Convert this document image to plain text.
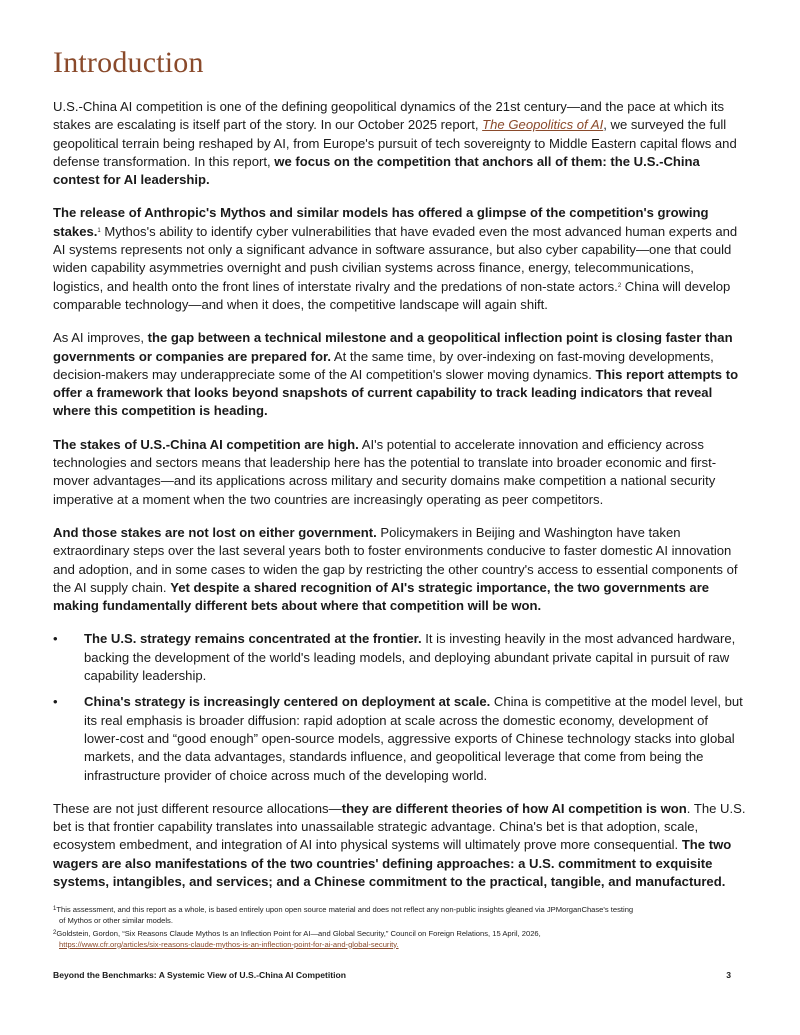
Introduction

U.S.-China AI competition is one of the defining geopolitical dynamics of the 21st century—and the pace at which its stakes are escalating is itself part of the story. In our October 2025 report, The Geopolitics of AI, we surveyed the full geopolitical terrain being reshaped by AI, from Europe's pursuit of tech sovereignty to Middle Eastern capital flows and defense transformation. In this report, we focus on the competition that anchors all of them: the U.S.-China contest for AI leadership.

The release of Anthropic's Mythos and similar models has offered a glimpse of the competition's growing stakes.$^1$ Mythos's ability to identify cyber vulnerabilities that have evaded even the most advanced human experts and AI systems represents not only a significant advance in software assurance, but also cyber capability—one that could widen capability asymmetries overnight and push civilian systems across finance, energy, telecommunications, logistics, and health onto the front lines of interstate rivalry and the predations of non-state actors.$^2$ China will develop comparable technology—and when it does, the competitive landscape will again shift.

As AI improves, the gap between a technical milestone and a geopolitical inflection point is closing faster than governments or companies are prepared for. At the same time, by over-indexing on fast-moving developments, decision-makers may underappreciate some of the AI competition's slower moving dynamics. This report attempts to offer a framework that looks beyond snapshots of current capability to track leading indicators that reveal where this competition is heading.

The stakes of U.S.-China AI competition are high. AI's potential to accelerate innovation and efficiency across technologies and sectors means that leadership here has the potential to translate into broader economic and first-mover advantages—and its applications across military and security domains make competition a national security imperative at a moment when the two countries are increasingly operating as peer competitors.

And those stakes are not lost on either government. Policymakers in Beijing and Washington have taken extraordinary steps over the last several years both to foster environments conducive to faster domestic AI innovation and adoption, and in some cases to widen the gap by restricting the other country's access to essential components of the AI supply chain. Yet despite a shared recognition of AI's strategic importance, the two governments are making fundamentally different bets about where that competition will be won.

• The U.S. strategy remains concentrated at the frontier. It is investing heavily in the most advanced hardware, backing the development of the world's leading models, and deploying abundant private capital in pursuit of raw capability leadership.
• China's strategy is increasingly centered on deployment at scale. China is competitive at the model level, but its real emphasis is broader diffusion: rapid adoption at scale across the domestic economy, development of lower-cost and “good enough” open-source models, aggressive exports of Chinese technology stacks into global markets, and the data advantages, standards influence, and geopolitical leverage that come from being the infrastructure provider of choice across much of the developing world.

These are not just different resource allocations—they are different theories of how AI competition is won. The U.S. bet is that frontier capability translates into unassailable strategic advantage. China's bet is that adoption, scale, ecosystem embedment, and integration of AI into physical systems will ultimately prove more consequential. The two wagers are also manifestations of the two countries' defining approaches: a U.S. commitment to exquisite systems, intangibles, and services; and a Chinese commitment to the practical, tangible, and manufactured.

$^1$This assessment, and this report as a whole, is based entirely upon open source material and does not reflect any non-public insights gleaned via JPMorganChase's testing
of Mythos or other similar models.
$^2$Goldstein, Gordon, “Six Reasons Claude Mythos Is an Inflection Point for AI—and Global Security,” Council on Foreign Relations, 15 April, 2026,
https://www.cfr.org/articles/six-reasons-claude-mythos-is-an-inflection-point-for-ai-and-global-security.
Beyond the Benchmarks: A Systemic View of U.S.-China AI Competition	3
